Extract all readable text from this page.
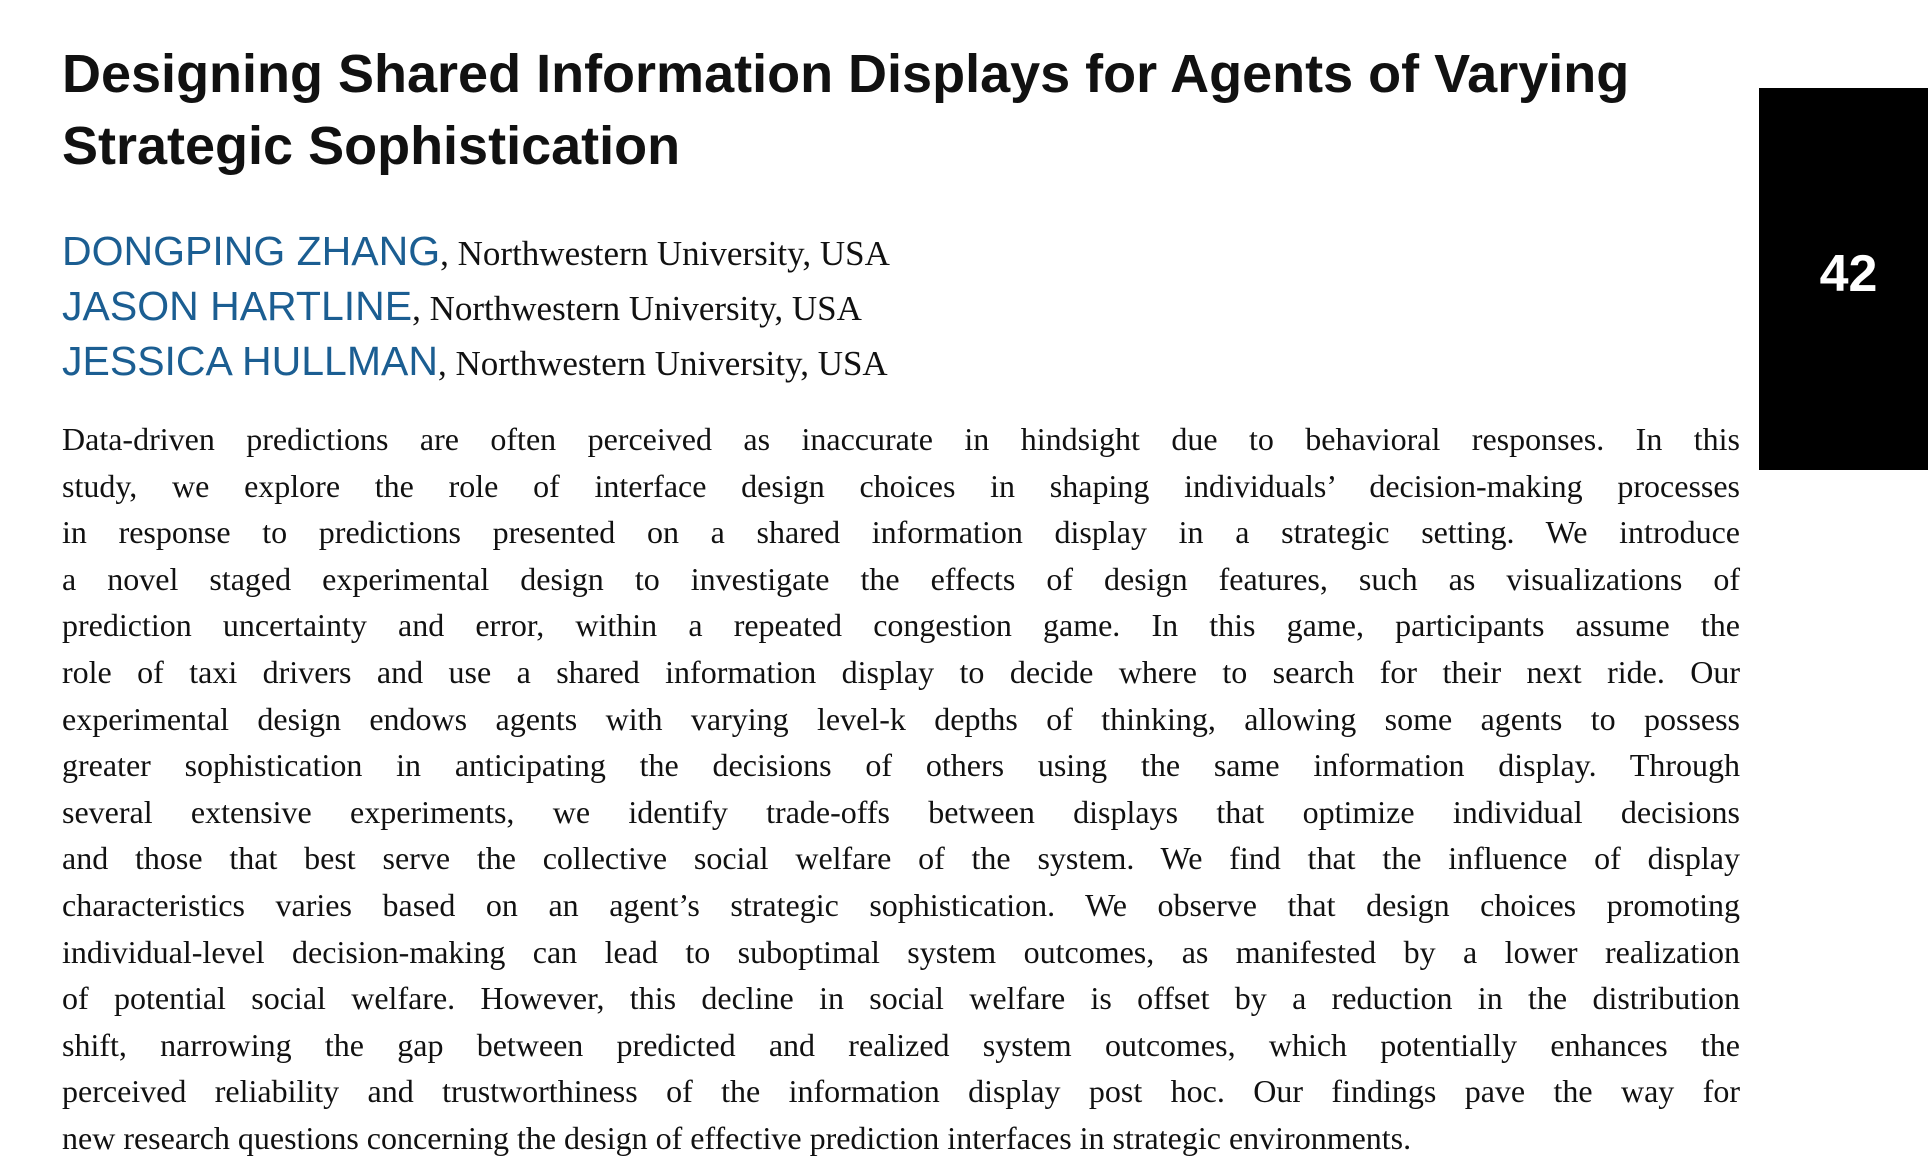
Designing Shared Information Displays for Agents of Varying Strategic Sophistication
DONGPING ZHANG, Northwestern University, USA
JASON HARTLINE, Northwestern University, USA
JESSICA HULLMAN, Northwestern University, USA
Data-driven predictions are often perceived as inaccurate in hindsight due to behavioral responses. In this
study, we explore the role of interface design choices in shaping individuals’ decision-making processes
in response to predictions presented on a shared information display in a strategic setting. We introduce
a novel staged experimental design to investigate the effects of design features, such as visualizations of
prediction uncertainty and error, within a repeated congestion game. In this game, participants assume the
role of taxi drivers and use a shared information display to decide where to search for their next ride. Our
experimental design endows agents with varying level-k depths of thinking, allowing some agents to possess
greater sophistication in anticipating the decisions of others using the same information display. Through
several extensive experiments, we identify trade-offs between displays that optimize individual decisions
and those that best serve the collective social welfare of the system. We find that the influence of display
characteristics varies based on an agent’s strategic sophistication. We observe that design choices promoting
individual-level decision-making can lead to suboptimal system outcomes, as manifested by a lower realization
of potential social welfare. However, this decline in social welfare is offset by a reduction in the distribution
shift, narrowing the gap between predicted and realized system outcomes, which potentially enhances the
perceived reliability and trustworthiness of the information display post hoc. Our findings pave the way for
new research questions concerning the design of effective prediction interfaces in strategic environments.
42
